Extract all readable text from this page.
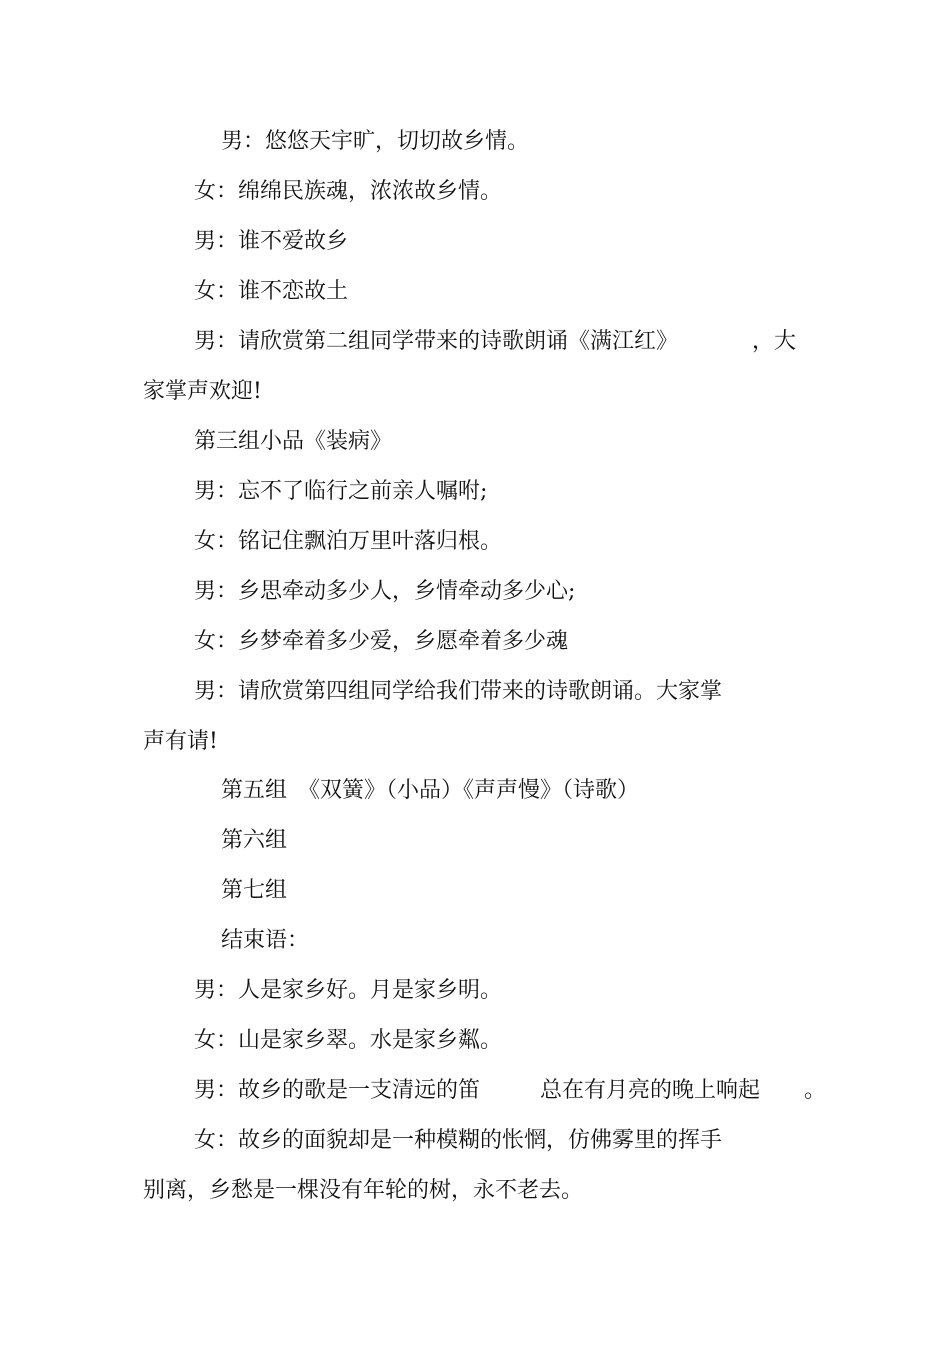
男：悠悠天宇旷，切切故乡情。
女：绵绵民族魂，浓浓故乡情。
男：谁不爱故乡
女：谁不恋故土
男：请欣赏第二组同学带来的诗歌朗诵《满江红》	，大
家掌声欢迎!
第三组小品《装病》
男：忘不了临行之前亲人嘱咐;
女：铭记住飘泊万里叶落归根。
男：乡思牵动多少人，乡情牵动多少心;
女：乡梦牵着多少爱，乡愿牵着多少魂
男：请欣赏第四组同学给我们带来的诗歌朗诵。大家掌
声有请!
第五组　《双簧》（小品）《声声慢》（诗歌）
第六组
第七组
结束语：
男：人是家乡好。月是家乡明。
女：山是家乡翠。水是家乡粼。
男：故乡的歌是一支清远的笛	总在有月亮的晚上响起 。
女：故乡的面貌却是一种模糊的怅惘，仿佛雾里的挥手
别离，乡愁是一棵没有年轮的树，永不老去。
